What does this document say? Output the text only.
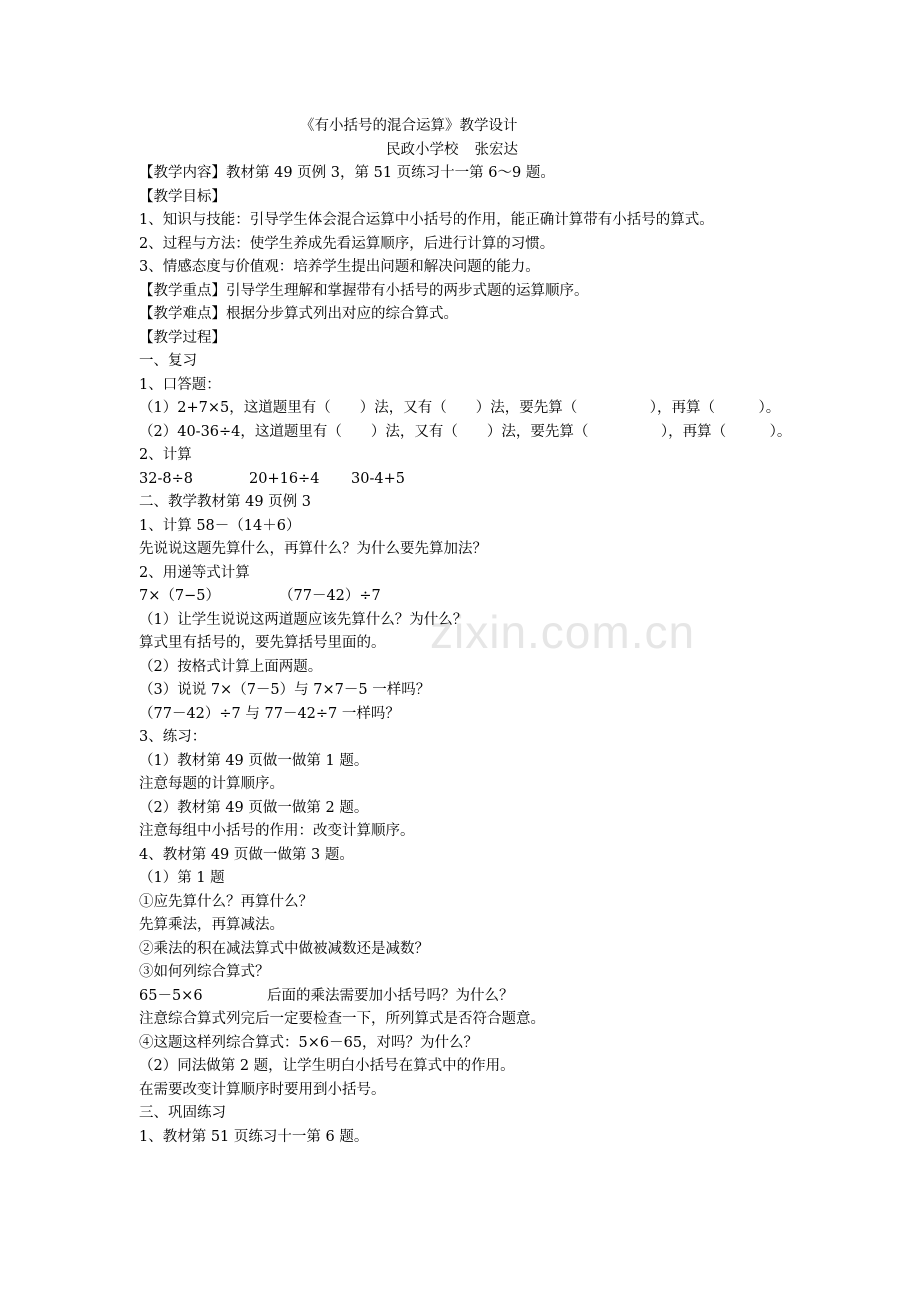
zixin.com.cn
《有小括号的混合运算》教学设计
民政小学校 张宏达
【教学内容】教材第 49 页例 3，第 51 页练习十一第 6～9 题。
【教学目标】
1、知识与技能：引导学生体会混合运算中小括号的作用，能正确计算带有小括号的算式。
2、过程与方法：使学生养成先看运算顺序，后进行计算的习惯。
3、情感态度与价值观：培养学生提出问题和解决问题的能力。
【教学重点】引导学生理解和掌握带有小括号的两步式题的运算顺序。
【教学难点】根据分步算式列出对应的综合算式。
【教学过程】
一、复习
1、口答题：
（1）2+7×5，这道题里有（　　）法，又有（　　）法，要先算（　　　　　），再算（　　　）。
（2）40-36÷4，这道题里有（　　）法，又有（　　）法，要先算（　　　　　），再算（　　　）。
2、计算
32-8÷8	20+16÷4 30-4+5
二、教学教材第 49 页例 3
1、计算 58－（14＋6）
先说说这题先算什么，再算什么？为什么要先算加法？
2、用递等式计算
7×（7−5）	（77－42）÷7
（1）让学生说说这两道题应该先算什么？为什么？
算式里有括号的，要先算括号里面的。
（2）按格式计算上面两题。
（3）说说 7×（7－5）与 7×7－5 一样吗？
（77－42）÷7 与 77－42÷7 一样吗？
3、练习：
（1）教材第 49 页做一做第 1 题。
注意每题的计算顺序。
（2）教材第 49 页做一做第 2 题。
注意每组中小括号的作用：改变计算顺序。
4、教材第 49 页做一做第 3 题。
（1）第 1 题
①应先算什么？再算什么？
先算乘法，再算减法。
②乘法的积在减法算式中做被减数还是减数？
③如何列综合算式？
65－5×6	后面的乘法需要加小括号吗？为什么？
注意综合算式列完后一定要检查一下，所列算式是否符合题意。
④这题这样列综合算式：5×6－65，对吗？为什么？
（2）同法做第 2 题，让学生明白小括号在算式中的作用。
在需要改变计算顺序时要用到小括号。
三、巩固练习
1、教材第 51 页练习十一第 6 题。
